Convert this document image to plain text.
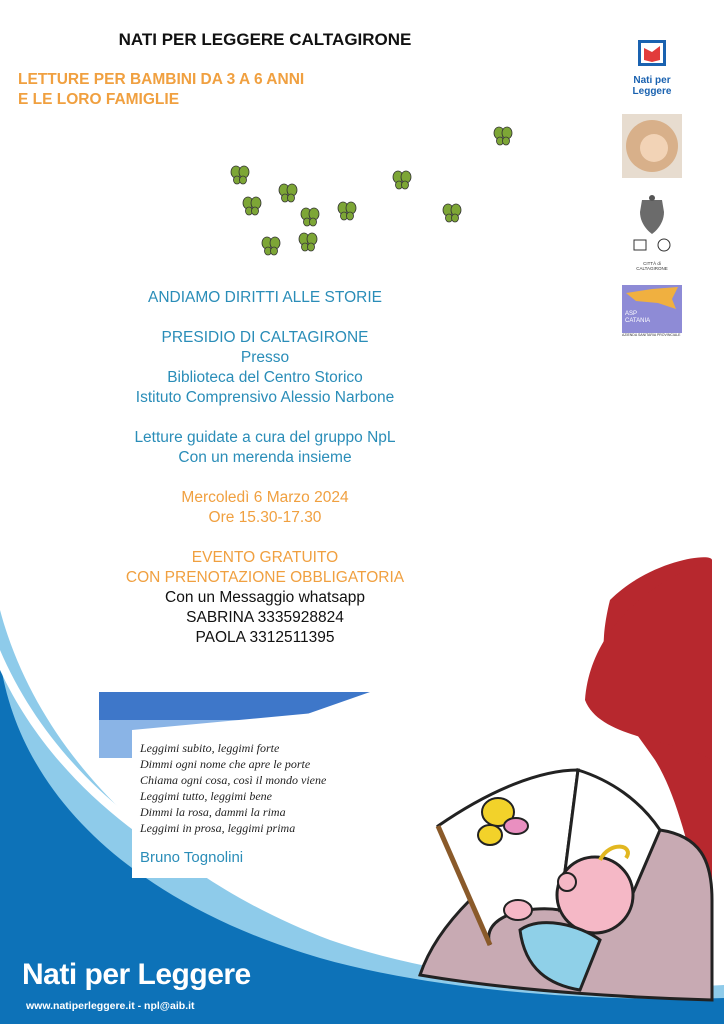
NATI PER LEGGERE CALTAGIRONE
LETTURE PER BAMBINI DA 3 A 6 ANNI
E LE LORO FAMIGLIE
Nati per
Leggere
CITTÀ di CALTAGIRONE
ASP
CATANIA
AZIENDA SANITARIA PROVINCIALE
ANDIAMO DIRITTI ALLE STORIE
PRESIDIO DI CALTAGIRONE
Presso
Biblioteca del Centro Storico
Istituto Comprensivo Alessio Narbone
Letture guidate a cura del gruppo NpL
Con un merenda insieme
Mercoledì 6 Marzo 2024
Ore 15.30-17.30
EVENTO GRATUITO
CON PRENOTAZIONE OBBLIGATORIA
Con un Messaggio whatsapp
SABRINA 3335928824
PAOLA 3312511395
Leggimi subito, leggimi forte
Dimmi ogni nome che apre le porte
Chiama ogni cosa, così il mondo viene
Leggimi tutto, leggimi bene
Dimmi la rosa, dammi la rima
Leggimi in prosa, leggimi prima
Bruno Tognolini
Nati per Leggere
www.natiperleggere.it - npl@aib.it
